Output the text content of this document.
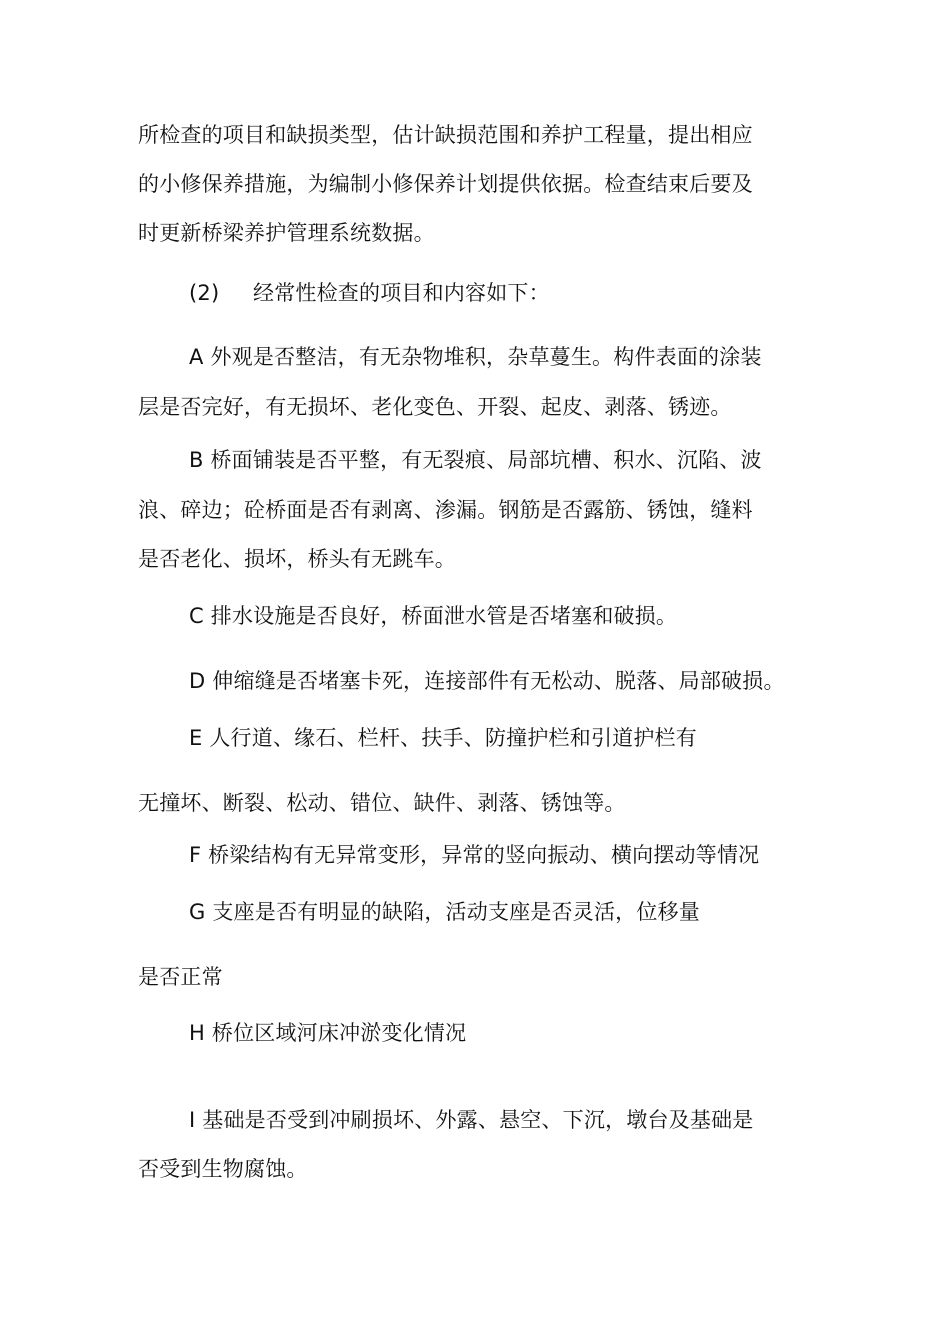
所检查的项目和缺损类型，估计缺损范围和养护工程量，提出相应
的小修保养措施，为编制小修保养计划提供依据。检查结束后要及
时更新桥梁养护管理系统数据。
(2) 经常性检查的项目和内容如下：
A 外观是否整洁，有无杂物堆积，杂草蔓生。构件表面的涂装
层是否完好，有无损坏、老化变色、开裂、起皮、剥落、锈迹。
B 桥面铺装是否平整，有无裂痕、局部坑槽、积水、沉陷、波
浪、碎边；砼桥面是否有剥离、渗漏。钢筋是否露筋、锈蚀，缝料
是否老化、损坏，桥头有无跳车。
C 排水设施是否良好，桥面泄水管是否堵塞和破损。
D 伸缩缝是否堵塞卡死，连接部件有无松动、脱落、局部破损。
E 人行道、缘石、栏杆、扶手、防撞护栏和引道护栏有
无撞坏、断裂、松动、错位、缺件、剥落、锈蚀等。
F 桥梁结构有无异常变形，异常的竖向振动、横向摆动等情况
G 支座是否有明显的缺陷，活动支座是否灵活，位移量
是否正常
H 桥位区域河床冲淤变化情况
I 基础是否受到冲刷损坏、外露、悬空、下沉，墩台及基础是
否受到生物腐蚀。
